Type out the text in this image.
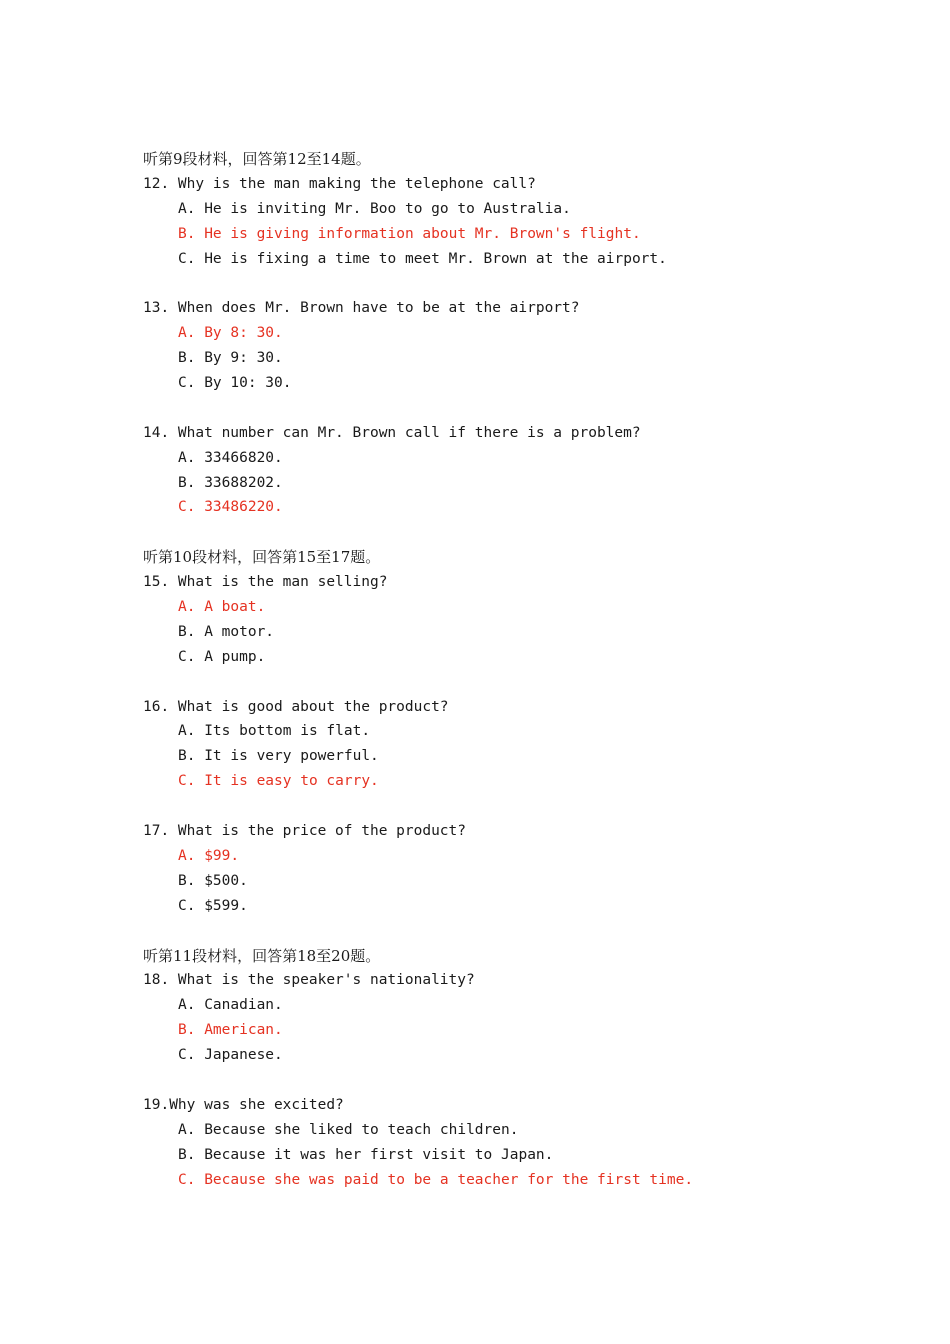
听第9段材料，回答第12至14题。
12. Why is the man making the telephone call?
A. He is inviting Mr. Boo to go to Australia.
B. He is giving information about Mr. Brown's flight.
C. He is fixing a time to meet Mr. Brown at the airport.
13. When does Mr. Brown have to be at the airport?
A. By 8: 30.
B. By 9: 30.
C. By 10: 30.
14. What number can Mr. Brown call if there is a problem?
A. 33466820.
B. 33688202.
C. 33486220.
听第10段材料，回答第15至17题。
15. What is the man selling?
A. A boat.
B. A motor.
C. A pump.
16. What is good about the product?
A. Its bottom is flat.
B. It is very powerful.
C. It is easy to carry.
17. What is the price of the product?
A. $99.
B. $500.
C. $599.
听第11段材料，回答第18至20题。
18. What is the speaker's nationality?
A. Canadian.
B. American.
C. Japanese.
19.Why was she excited?
A. Because she liked to teach children.
B. Because it was her first visit to Japan.
C. Because she was paid to be a teacher for the first time.
